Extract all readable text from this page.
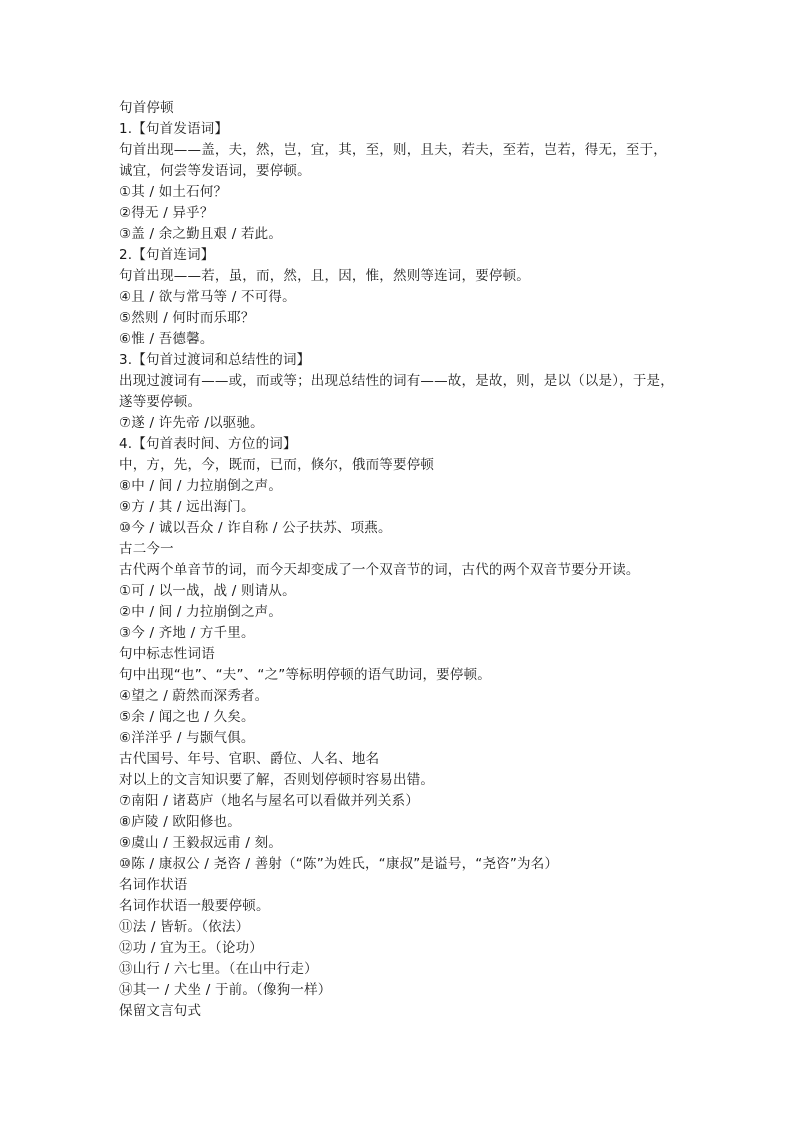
句首停顿
1.【句首发语词】
句首出现——盖，夫，然，岂，宜，其，至，则，且夫，若夫，至若，岂若，得无，至于，
诚宜，何尝等发语词，要停顿。
①其 / 如土石何？
②得无 / 异乎？
③盖 / 余之勤且艰 / 若此。
2.【句首连词】
句首出现——若，虽，而，然，且，因，惟，然则等连词，要停顿。
④且 / 欲与常马等 / 不可得。
⑤然则 / 何时而乐耶？
⑥惟 / 吾德馨。
3.【句首过渡词和总结性的词】
出现过渡词有——或，而或等；出现总结性的词有——故，是故，则，是以（以是），于是，
遂等要停顿。
⑦遂 / 许先帝 /以驱驰。
4.【句首表时间、方位的词】
中，方，先，今，既而，已而，倏尔，俄而等要停顿
⑧中 / 间 / 力拉崩倒之声。
⑨方 / 其 / 远出海门。
⑩今 / 诚以吾众 / 诈自称 / 公子扶苏、项燕。
古二今一
古代两个单音节的词，而今天却变成了一个双音节的词，古代的两个双音节要分开读。
①可 / 以一战，战 / 则请从。
②中 / 间 / 力拉崩倒之声。
③今 / 齐地 / 方千里。
句中标志性词语
句中出现“也”、“夫”、“之”等标明停顿的语气助词，要停顿。
④望之 / 蔚然而深秀者。
⑤余 / 闻之也 / 久矣。
⑥洋洋乎 / 与颢气俱。
古代国号、年号、官职、爵位、人名、地名
对以上的文言知识要了解，否则划停顿时容易出错。
⑦南阳 / 诸葛庐（地名与屋名可以看做并列关系）
⑧庐陵 / 欧阳修也。
⑨虞山 / 王毅叔远甫 / 刻。
⑩陈 / 康叔公 / 尧咨 / 善射（“陈”为姓氏，“康叔”是谥号，“尧咨”为名）
名词作状语
名词作状语一般要停顿。
⑪法 / 皆斩。（依法）
⑫功 / 宜为王。（论功）
⑬山行 / 六七里。（在山中行走）
⑭其一 / 犬坐 / 于前。（像狗一样）
保留文言句式
